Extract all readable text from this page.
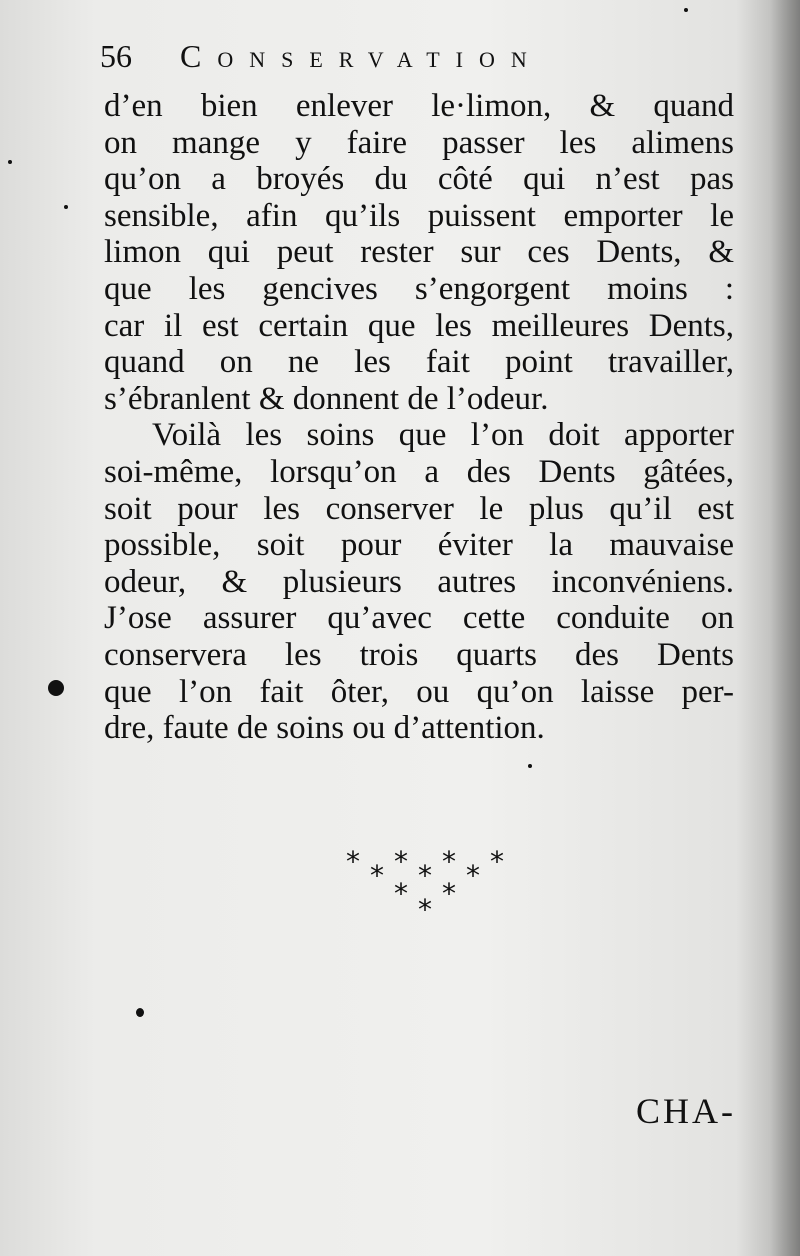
56 Conservation
d’en bien enlever le·limon, & quand
on mange y faire passer les alimens
qu’on a broyés du côté qui n’est pas
sensible, afin qu’ils puissent emporter le
limon qui peut rester sur ces Dents, &
que les gencives s’engorgent moins :
car il est certain que les meilleures Dents,
quand on ne les fait point travailler,
s’ébranlent & donnent de l’odeur.
Voilà les soins que l’on doit apporter
soi-même, lorsqu’on a des Dents gâtées,
soit pour les conserver le plus qu’il est
possible, soit pour éviter la mauvaise
odeur, & plusieurs autres inconvéniens.
J’ose assurer qu’avec cette conduite on
conservera les trois quarts des Dents
que l’on fait ôter, ou qu’on laisse per-
dre, faute de soins ou d’attention.
* * * * * * *
* *
*
CHA-
